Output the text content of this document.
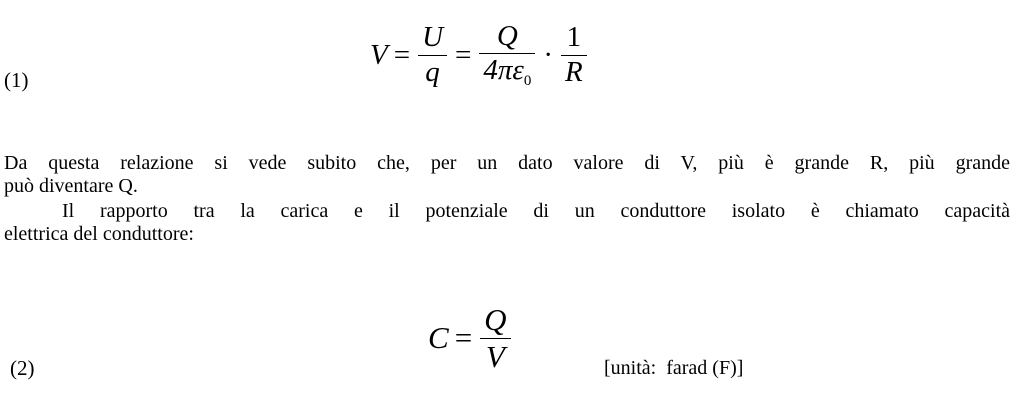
(1)
$V = \frac{U}{q} = \frac{Q}{4\pi\varepsilon_0} \cdot \frac{1}{R}$
Da questa relazione si vede subito che, per un dato valore di V, più è grande R, più grande
può diventare Q.
Il rapporto tra la carica e il potenziale di un conduttore isolato è chiamato capacità
elettrica del conduttore:
(2)
$C = \frac{Q}{V}$	[unità:  farad (F)]
